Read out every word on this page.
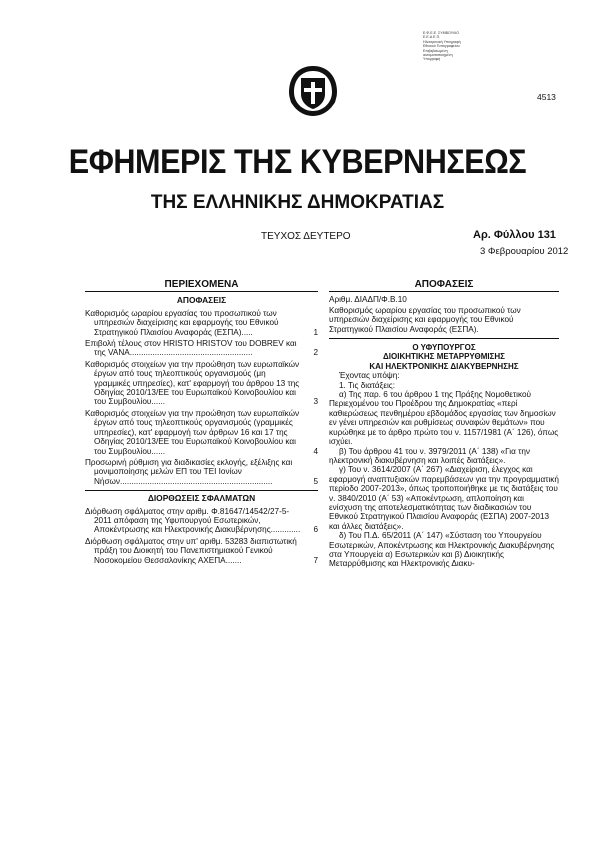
Ε.Φ.Ε.Ε. ΣΥΜΒΟΥΛΙΟ
Ε.Ε.Α.Ε.Π.
Ηλεκτρονική Υπογραφή
Εθνικού Τυπογραφείου
Επιβεβαιωμένη
αυτοματοποιημένη
Υπογραφή
4513
ΕΦΗΜΕΡΙΣ ΤΗΣ ΚΥΒΕΡΝΗΣΕΩΣ
ΤΗΣ ΕΛΛΗΝΙΚΗΣ ΔΗΜΟΚΡΑΤΙΑΣ
ΤΕΥΧΟΣ ΔΕΥΤΕΡΟ	Αρ. Φύλλου 131
3 Φεβρουαρίου 2012
ΠΕΡΙΕΧΟΜΕΝΑ
ΑΠΟΦΑΣΕΙΣ
Καθορισμός ωραρίου εργασίας του προσωπικού των υπηρεσιών διαχείρισης και εφαρμογής του Εθνικού Στρατηγικού Πλαισίου Αναφοράς (ΕΣΠΑ).....	1
Επιβολή τέλους στον HRISTO HRISTOV του DOBREV και της VANA......................................................	2
Καθορισμός στοιχείων για την προώθηση των ευρωπαϊκών έργων από τους τηλεοπτικούς οργανισμούς (μη γραμμικές υπηρεσίες), κατ' εφαρμογή του άρθρου 13 της Οδηγίας 2010/13/ΕΕ του Ευρωπαϊκού Κοινοβουλίου και του Συμβουλίου......	3
Καθορισμός στοιχείων για την προώθηση των ευρωπαϊκών έργων από τους τηλεοπτικούς οργανισμούς (γραμμικές υπηρεσίες), κατ' εφαρμογή των άρθρων 16 και 17 της Οδηγίας 2010/13/ΕΕ του Ευρωπαϊκού Κοινοβουλίου και του Συμβουλίου......	4
Προσωρινή ρύθμιση για διαδικασίες εκλογής, εξέλιξης και μονιμοποίησης μελών ΕΠ του ΤΕΙ Ιονίων Νήσων...................................................................	5
ΔΙΟΡΘΩΣΕΙΣ ΣΦΑΛΜΑΤΩΝ
Διόρθωση σφάλματος στην αριθμ. Φ.81647/14542/27-5-2011 απόφαση της Υφυπουργού Εσωτερικών, Αποκέντρωσης και Ηλεκτρονικής Διακυβέρνησης.............	6
Διόρθωση σφάλματος στην υπ' αριθμ. 53283 διαπιστωτική πράξη του Διοικητή του Πανεπιστημιακού Γενικού Νοσοκομείου Θεσσαλονίκης ΑΧΕΠΑ.......	7
ΑΠΟΦΑΣΕΙΣ

Αριθμ. ΔΙΑΔΠ/Φ.Β.10

Καθορισμός ωραρίου εργασίας του προσωπικού των υπηρεσιών διαχείρισης και εφαρμογής του Εθνικού Στρατηγικού Πλαισίου Αναφοράς (ΕΣΠΑ).

Ο ΥΦΥΠΟΥΡΓΟΣ
ΔΙΟΙΚΗΤΙΚΗΣ ΜΕΤΑΡΡΥΘΜΙΣΗΣ
ΚΑΙ ΗΛΕΚΤΡΟΝΙΚΗΣ ΔΙΑΚΥΒΕΡΝΗΣΗΣ

Έχοντας υπόψη:

1. Τις διατάξεις:

α) Της παρ. 6 του άρθρου 1 της Πράξης Νομοθετικού Περιεχομένου του Προέδρου της Δημοκρατίας «περί καθιερώσεως πενθημέρου εβδομάδος εργασίας των δημοσίων εν γένει υπηρεσιών και ρυθμίσεως συναφών θεμάτων» που κυρώθηκε με το άρθρο πρώτο του ν. 1157/1981 (Α΄ 126), όπως ισχύει.

β) Του άρθρου 41 του ν. 3979/2011 (Α΄ 138) «Για την ηλεκτρονική διακυβέρνηση και λοιπές διατάξεις».

γ) Του ν. 3614/2007 (Α΄ 267) «Διαχείριση, έλεγχος και εφαρμογή αναπτυξιακών παρεμβάσεων για την προγραμματική περίοδο 2007-2013», όπως τροποποιήθηκε με τις διατάξεις του ν. 3840/2010 (Α΄ 53) «Αποκέντρωση, απλοποίηση και ενίσχυση της αποτελεσματικότητας των διαδικασιών του Εθνικού Στρατηγικού Πλαισίου Αναφοράς (ΕΣΠΑ) 2007-2013 και άλλες διατάξεις».

δ) Του Π.Δ. 65/2011 (Α΄ 147) «Σύσταση του Υπουργείου Εσωτερικών, Αποκέντρωσης και Ηλεκτρονικής Διακυβέρνησης στα Υπουργεία α) Εσωτερικών και β) Διοικητικής Μεταρρύθμισης και Ηλεκτρονικής Διακυ-
